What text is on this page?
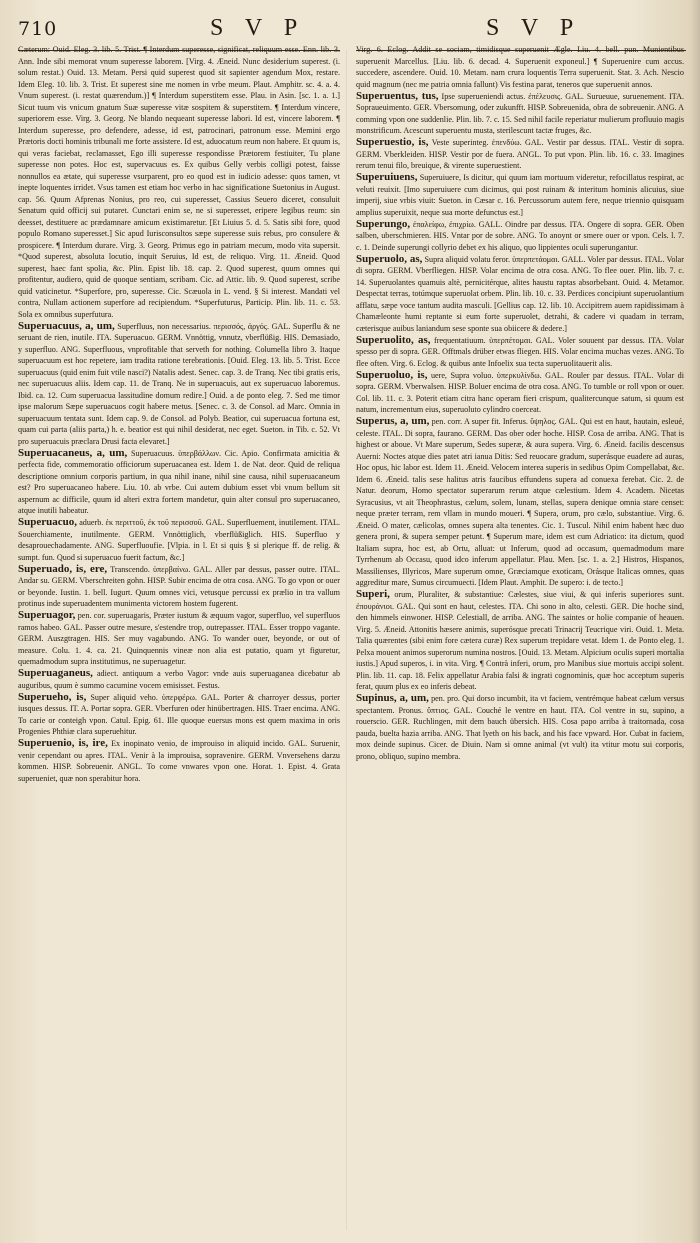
710	S V P	S V P

Cæterum: Ouid. Eleg. 3. lib. 5. Trist. ¶ Interdum superesse, significat, reliquum esse. Enn. lib. 3. Ann. Inde sibi memorat vnum superesse laborem. [Virg. 4. Æneid. Nunc desiderium superest. (i. solum restat.) Ouid. 13. Metam. Persi quid superest quod sit sapienter agendum Mox, restare. Idem Eleg. 10. lib. 3. Trist. Et superest sine me nomen in vrbe meum. Plaut. Amphitr. sc. 4. a. 4. Vnum superest. (i. restat quærendum.)] ¶ Interdum superstitem esse. Plau. in Asin. [sc. 1. a. 1.] Sicut tuum vis vnicum gnatum Suæ superesse vitæ sospitem & superstitem. ¶ Interdum vincere, superiorem esse. Virg. 3. Georg. Ne blando nequeant superesse labori. Id est, vincere laborem. ¶ Interdum superesse, pro defendere, adesse, id est, patrocinari, patronum esse. Memini ergo Prætoris docti hominis tribunali me forte assistere. Id est, aduocatum reum non habere. Et quum is, qui veras faciebat, reclamasset, Ego illi superesse respondisse Prætorem festiuiter, Tu plane superesse non potes. Hoc est, supervacuus es. Ex quibus Gelly verbis colligi potest, faisse nonnullos ea ætate, qui superesse vsurparent, pro eo quod est in iudicio adesse: quos tamen, vt inepte loquentes irridet. Vsus tamen est etiam hoc verbo in hac significatione Suetonius in August. cap. 56. Quum Afprenas Nonius, pro reo, cui superesset, Cassius Seuero diceret, consuluit Senatum quid officij sui putaret. Cunctari enim se, ne si superesset, eripere legibus reum: sin deesset, destituere ac prædamnare amicum existimaretur. [Et Liuius 5. d. 5. Satis sibi fore, quod populo Romano superesset.] Sic apud Iurisconsultos sæpe superesse suis rebus, pro consulere & prospicere. ¶ Interdum durare. Virg. 3. Georg. Primus ego in patriam mecum, modo vita supersit. *Quod superest, absoluta locutio, inquit Seruius, Id est, de reliquo. Virg. 11. Æneid. Quod superest, haec fant spolia, &c. Plin. Epist lib. 18. cap. 2. Quod superest, quum omnes qui profitentur, audiero, quid de quoque sentiam, scribam. Cic. ad Attic. lib. 9. Quod superest, scribe quid vaticinetur. *Superfore, pro, superesse. Cic. Scæuola in L. vend. § Si interest. Mandati vel contra, Nullam actionem superfore ad recipiendum. *Superfuturus, Particip. Plin. lib. 11. c. 53. Sola ex omnibus superfutura.

Superuacuus, a, um, Superfluus, non necessarius. περισσός, ἀργός. GAL. Superflu & ne seruant de rien, inutile. ITA. Superuacuo. GERM. Vnnöttig, vnnutz, vberflüßig. HIS. Demasiado, y superfluo. ANG. Superfluous, vnprofitable that serveth for nothing. Columella libro 3. Itaque superuacuum est hoc repetere, iam tradita ratione terebrationis. [Ouid. Eleg. 13. lib. 5. Trist. Ecce superuacuus (quid enim fuit vtile nasci?) Natalis adest. Senec. cap. 3. de Tranq. Nec tibi gratis eris, nec superuacuus aliis. Idem cap. 11. de Tranq. Ne in superuacuis, aut ex superuacuo laboremus. Ibid. ca. 12. Cum superuacua lassitudine domum redire.] Ouid. a de ponto eleg. 7. Sed me timor ipse malorum Sæpe superuacuos cogit habere metus. [Senec. c. 3. de Consol. ad Marc. Omnia in superuacuum tentata sunt. Idem cap. 9. de Consol. ad Polyb. Beatior, cui superuacua fortuna est, quam cui parta (aliis parta,) h. e. beatior est qui nihil desiderat, nec eget. Sueton. in Tib. c. 52. Vt pro superuacuis præclara Drusi facta elevaret.]

Superuacaneus, a, um, Superuacuus. ὑπερβάλλων. Cic. Apio. Confirmata amicitia & perfecta fide, commemoratio officiorum superuacanea est. Idem 1. de Nat. deor. Quid de reliqua descriptione omnium corporis partium, in qua nihil inane, nihil sine causa, nihil superuacaneum est? Pro superuacaneo habere. Liu. 10. ab vrbe. Cui autem dubium esset vbi vnum bellum sit aspernum ac difficile, quum id alteri extra fortem mandetur, quin alter consul pro superuacaneo, atque inutili habeatur.

Superuacuo, aduerb. ἐκ περιττοῦ, ἐκ τοῦ περισσοῦ. GAL. Superfluement, inutilement. ITAL. Souerchiamente, inutilmente. GERM. Vnnöttiglich, vberflüßiglich. HIS. Superfluo y desaprouechadamente. ANG. Superfluoufie. [Vlpia. in l. Et si quis § si plerique ff. de relig. & sumpt. fun. Quod si superuacuo fuerit factum, &c.]

Superuado, is, ere, Transcendo. ὑπερβαίνω. GAL. Aller par dessus, passer outre. ITAL. Andar su. GERM. Vberschreiten gohn. HISP. Subir encima de otra cosa. ANG. To go vpon or ouer or beyonde. Iustin. 1. bell. Iugurt. Quum omnes vici, vetusque percussi ex prælio in tra vallum protinus inde superuadentem munimenta victorem hostem fugerent.

Superuagor, pen. cor. superuagaris, Præter iustum & æquum vagor, superfluo, vel superfluos ramos habeo. GAL. Passer outre mesure, s'estendre trop, outrepasser. ITAL. Esser troppo vagante. GERM. Auszgtragen. HIS. Ser muy vagabundo. ANG. To wander ouer, beyonde, or out of measure. Colu. 1. 4. ca. 21. Quinquennis vineæ non alia est putatio, quam yt figuretur, quemadmodum supra institutimus, ne superuagetur.

Superuaganeus, adiect. antiquum a verbo Vagor: vnde auis superuaganea dicebatur ab auguribus, quum è summo cacumine vocem emisisset. Festus.

Superueho, is, Super aliquid veho. ὑπερφέρω. GAL. Porter & charroyer dessus, porter iusques dessus. IT. A. Portar sopra. GER. Vberfuren oder hinübertragen. HIS. Traer encima. ANG. To carie or conteigh vpon. Catul. Epig. 61. Ille quoque euersus mons est quem maxima in oris Progenies Phthiæ clara superuehitur.

Superuenio, is, ire, Ex inopinato venio, de improuiso in aliquid incido. GAL. Suruenir, venir cependant ou apres. ITAL. Venir à la improuisa, sopravenire. GERM. Vnversehens darzu kommen. HISP. Sobreuenir. ANGL. To come vnwares vpon one. Horat. 1. Epist. 4. Grata superueniet, quæ non sperabitur hora.

Virg. 6. Eclog. Addit se sociam, timidisque superuenit Ægle. Liu. 4. bell. pun. Munientibus superuenit Marcellus. [Liu. lib. 6. decad. 4. Superuenit exponeul.] ¶ Superuenire cum accus. succedere, ascendere. Ouid. 10. Metam. nam crura loquentis Terra superuenit. Stat. 3. Ach. Nescio quid magnum (nec me patria omnia fallunt) Vis festina parat, teneros que superuenit annos.

Superuentus, tus, Ipse superueniendi actus. ἐπέλευσις. GAL. Surueuue, suruenement. ITA. Sopraueuimento. GER. Vbersomung, oder zukunfft. HISP. Sobreuenida, obra de sobreuenir. ANG. A comming vpon one suddenlie. Plin. lib. 7. c. 15. Sed nihil facile reperiatur mulierum profluuio magis monstrificum. Acescunt superuentu musta, sterilescunt tactæ fruges, &c.

Superuestio, is, Veste superinteg. ἐπενδύω. GAL. Vestir par dessus. ITAL. Vestir di sopra. GERM. Vberkleiden. HISP. Vestir por de fuera. ANGL. To put vpon. Plin. lib. 16. c. 33. Imagines rerum tenui filo, breuique, & virente superuestient.

Superuiuens, Superuiuere, Is dicitur, qui quum iam mortuum videretur, refocillatus respirat, ac veluti reuixit. [Imo superuiuere cum dicimus, qui post ruinam & interitum hominis alicuius, siue imperij, siue vrbis viuit: Sueton. in Cæsar c. 16. Percussorum autem fere, neque triennio quisquam amplius superuixit, neque sua morte defunctus est.]

Superungo, ἐπαλείφω, ἐπιχρίω. GALL. Oindre par dessus. ITA. Ongere di sopra. GER. Oben salben, uberschmieren. HIS. Vntar por de sobre. ANG. To anoynt or smere ouer or vpon. Cels. l. 7. c. 1. Deinde superungi collyrio debet ex his aliquo, quo lippientes oculi superungantur.

Superuolo, as, Supra aliquid volatu feror. ὑπερπετάομαι. GALL. Voler par dessus. ITAL. Volar di sopra. GERM. Vberfliegen. HISP. Volar encima de otra cosa. ANG. To flee ouer. Plin. lib. 7. c. 14. Superuolantes quamuis altè, pernicitérque, alites haustu raptas absorbebant. Ouid. 4. Metamor. Despectat terras, totúmque superuolat orbem. Plin. lib. 10. c. 33. Perdices concipiunt superuolantium afflatu, sæpe voce tantum audita masculi. [Gellius cap. 12. lib. 10. Accipitrem auem rapidissimam à Chamæleonte humi reptante si eum forte superuolet, detrahi, & cadere vi quadam in terram, cæterisque auibus laniandum sese sponte sua obiicere & dedere.]

Superuolito, as, frequentatiuum. ὑπερπέτομαι. GAL. Voler souuent par dessus. ITA. Volar spesso per di sopra. GER. Offtmals drüber etwas fliegen. HIS. Volar encima muchas vezes. ANG. To flee often. Virg. 6. Eclog. & quibus ante Infoelix sua tecta superuolitauerit alis.

Superuoluo, is, uere, Supra voluo. ὑπερκυλίνδω. GAL. Rouler par dessus. ITAL. Volar di sopra. GERM. Vberwalsen. HISP. Boluer encima de otra cosa. ANG. To tumble or roll vpon or ouer. Col. lib. 11. c. 3. Poterit etiam citra hanc operam fieri crispum, qualitercunque satum, si quum est natum, incrementum eius, superuoluto cylindro coerceat.

Superus, a, um, pen. corr. A super fit. Inferus. ὕψηλος. GAL. Qui est en haut, hautain, esleué, celeste. ITAL. Di sopra, faurano. GERM. Das ober oder hoche. HISP. Cosa de arriba. ANG. That is highest or aboue. Vt Mare superum, Sedes superæ, & aura supera. Virg. 6. Æneid. facilis descensus Auerni: Noctes atque dies patet atri ianua Ditis: Sed reuocare gradum, superásque euadere ad auras, Hoc opus, hic labor est. Idem 11. Æneid. Velocem interea superis in sedibus Opim Compellabat, &c. Idem 6. Æneid. talis sese halitus atris faucibus effundens supera ad conuexa ferebat. Cic. 2. de Natur. deorum, Homo spectator superarum rerum atque cælestium. Idem 4. Academ. Nicetas Syracusius, vt ait Theophrastus, cælum, solem, lunam, stellas, supera denique omnia stare censet: neque præter terram, rem vllam in mundo moueri. ¶ Supera, orum, pro cælo, substantiue. Virg. 6. Æneid. O mater, cælicolas, omnes supera alta tenentes. Cic. 1. Tuscul. Nihil enim habent hæc duo genera proni, & supera semper petunt. ¶ Superum mare, idem est cum Adriatico: ita dictum, quod Italiam supra, hoc est, ab Ortu, alluat: ut Inferum, quod ad occasum, quemadmodum mare Tyrrhenum ab Occasu, quod idco inferum appellatur. Plau. Men. [sc. 1. a. 2.] Histros, Hispanos, Massilienses, Illyricos, Mare superum omne, Græciamque exoticam, Orásque Italicas omnes, quas aggreditur mare, Sumus circumuecti. [Idem Plaut. Amphit. De supero: i. de tecto.]

Superi, orum, Pluraliter, & substantiue: Cælestes, siue viui, & qui inferis superiores sunt. ἐπουράνιοι. GAL. Qui sont en haut, celestes. ITA. Chi sono in alto, celesti. GER. Die hoche sind, den himmels einwoner. HISP. Celestiall, de arriba. ANG. The saintes or holie companie of heauen. Virg. 5. Æneid. Attonitis hæsere animis, superósque precati Trinacrij Teucrique viri. Ouid. 1. Meta. Talia quærentes (sibi enim fore cætera curæ) Rex superum trepidare vetat. Idem 1. de Ponto eleg. 1. Pelxa mouent animos superorum numina nostros. [Ouid. 13. Metam. Alpicium oculis superi mortalia iustis.] Apud superos, i. in vita. Virg. ¶ Contrà inferi, orum, pro Manibus siue mortuis accipi solent. Plin. lib. 11. cap. 18. Felix appellatur Arabia falsi & ingrati cognominis, quæ hoc acceptum superis ferat, quum plus ex eo inferis debeat.

Supinus, a, um, pen. pro. Qui dorso incumbit, ita vt faciem, ventrémque habeat cælum versus spectantem. Pronus. ὕπτιος. GAL. Couché le ventre en haut. ITA. Col ventre in su, supino, a rouerscio. GER. Ruchlingen, mit dem bauch übersich. HIS. Cosa papo arriba à traitornada, cosa pauda, buelta hazia arriba. ANG. That lyeth on his back, and his face vpward. Hor. Cubat in faciem, mox deinde supinus. Cicer. de Diuin. Nam si omne animal (vt vult) ita vtitur motu sui corporis, prono, obliquo, supino membra.
